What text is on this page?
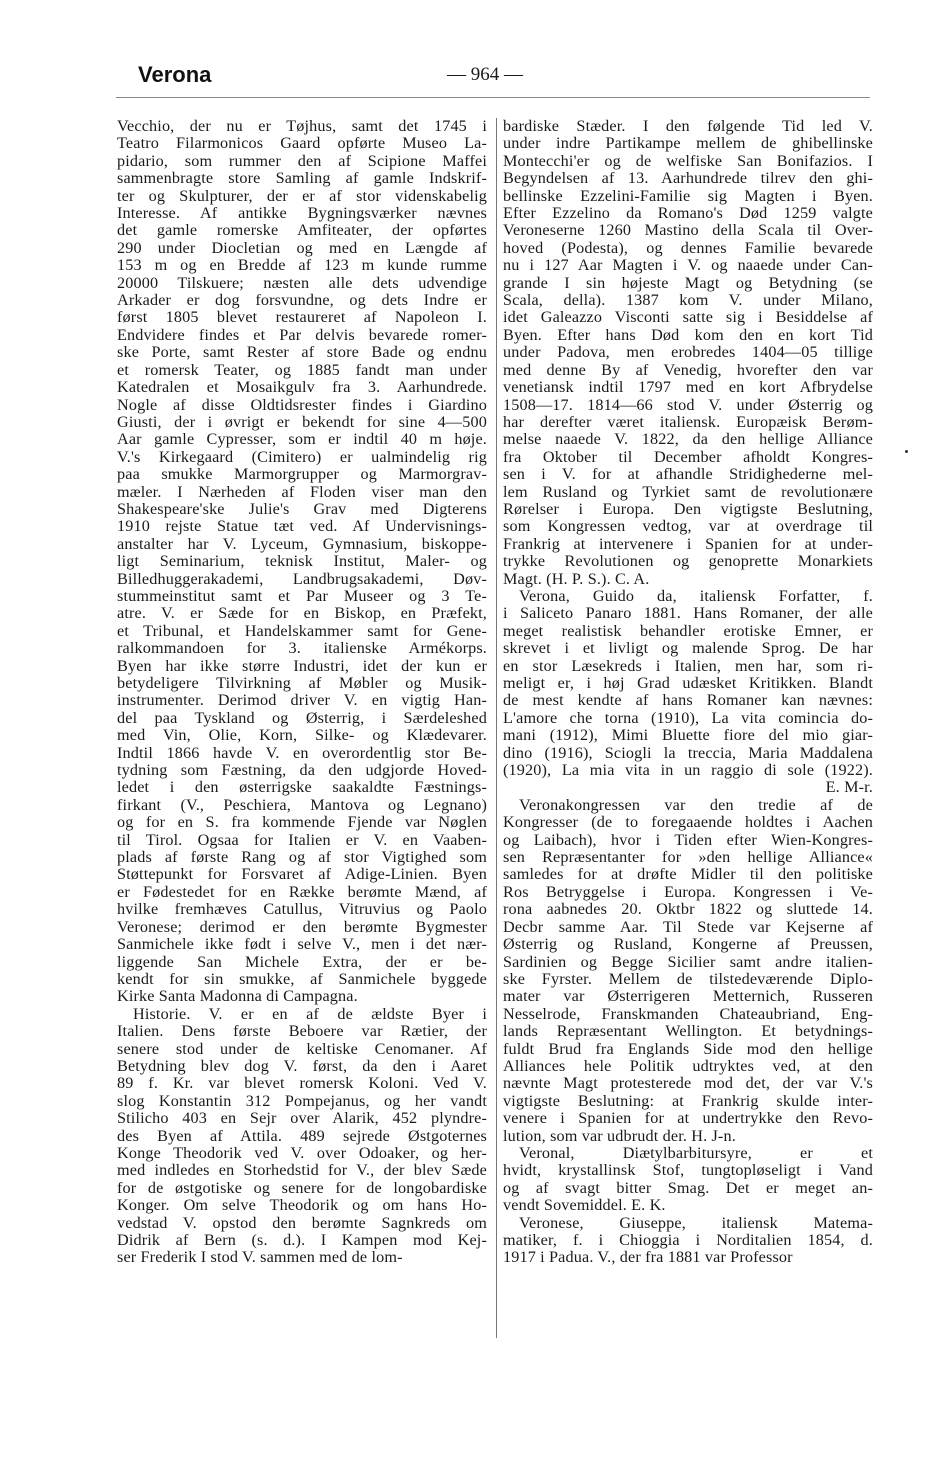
Verona	— 964 —
Vecchio, der nu er Tøjhus, samt det 1745 i
Teatro Filarmonicos Gaard opførte Museo La-
pidario, som rummer den af Scipione Maffei
sammenbragte store Samling af gamle Indskrif-
ter og Skulpturer, der er af stor videnskabelig
Interesse. Af antikke Bygningsværker nævnes
det gamle romerske Amfiteater, der opførtes
290 under Diocletian og med en Længde af
153 m og en Bredde af 123 m kunde rumme
20000 Tilskuere; næsten alle dets udvendige
Arkader er dog forsvundne, og dets Indre er
først 1805 blevet restaureret af Napoleon I.
Endvidere findes et Par delvis bevarede romer-
ske Porte, samt Rester af store Bade og endnu
et romersk Teater, og 1885 fandt man under
Katedralen et Mosaikgulv fra 3. Aarhundrede.
Nogle af disse Oldtidsrester findes i Giardino
Giusti, der i øvrigt er bekendt for sine 4—500
Aar gamle Cypresser, som er indtil 40 m høje.
V.'s Kirkegaard (Cimitero) er ualmindelig rig
paa smukke Marmorgrupper og Marmorgrav-
mæler. I Nærheden af Floden viser man den
Shakespeare'ske Julie's Grav med Digterens
1910 rejste Statue tæt ved. Af Undervisnings-
anstalter har V. Lyceum, Gymnasium, biskoppe-
ligt Seminarium, teknisk Institut, Maler- og
Billedhuggerakademi, Landbrugsakademi, Døv-
stummeinstitut samt et Par Museer og 3 Te-
atre. V. er Sæde for en Biskop, en Præfekt,
et Tribunal, et Handelskammer samt for Gene-
ralkommandoen for 3. italienske Armékorps.
Byen har ikke større Industri, idet der kun er
betydeligere Tilvirkning af Møbler og Musik-
instrumenter. Derimod driver V. en vigtig Han-
del paa Tyskland og Østerrig, i Særdeleshed
med Vin, Olie, Korn, Silke- og Klædevarer.
Indtil 1866 havde V. en overordentlig stor Be-
tydning som Fæstning, da den udgjorde Hoved-
ledet i den østerrigske saakaldte Fæstnings-
firkant (V., Peschiera, Mantova og Legnano)
og for en S. fra kommende Fjende var Nøglen
til Tirol. Ogsaa for Italien er V. en Vaaben-
plads af første Rang og af stor Vigtighed som
Støttepunkt for Forsvaret af Adige-Linien. Byen
er Fødestedet for en Række berømte Mænd, af
hvilke fremhæves Catullus, Vitruvius og Paolo
Veronese; derimod er den berømte Bygmester
Sanmichele ikke født i selve V., men i det nær-
liggende San Michele Extra, der er be-
kendt for sin smukke, af Sanmichele byggede
Kirke Santa Madonna di Campagna.
Historie. V. er en af de ældste Byer i
Italien. Dens første Beboere var Rætier, der
senere stod under de keltiske Cenomaner. Af
Betydning blev dog V. først, da den i Aaret
89 f. Kr. var blevet romersk Koloni. Ved V.
slog Konstantin 312 Pompejanus, og her vandt
Stilicho 403 en Sejr over Alarik, 452 plyndre-
des Byen af Attila. 489 sejrede Østgoternes
Konge Theodorik ved V. over Odoaker, og her-
med indledes en Storhedstid for V., der blev Sæde
for de østgotiske og senere for de longobardiske
Konger. Om selve Theodorik og om hans Ho-
vedstad V. opstod den berømte Sagnkreds om
Didrik af Bern (s. d.). I Kampen mod Kej-
ser Frederik I stod V. sammen med de lom-
bardiske Stæder. I den følgende Tid led V.
under indre Partikampe mellem de ghibellinske
Montecchi'er og de welfiske San Bonifazios. I
Begyndelsen af 13. Aarhundrede tilrev den ghi-
bellinske Ezzelini-Familie sig Magten i Byen.
Efter Ezzelino da Romano's Død 1259 valgte
Veroneserne 1260 Mastino della Scala til Over-
hoved (Podesta), og dennes Familie bevarede
nu i 127 Aar Magten i V. og naaede under Can-
grande I sin højeste Magt og Betydning (se
Scala, della). 1387 kom V. under Milano,
idet Galeazzo Visconti satte sig i Besiddelse af
Byen. Efter hans Død kom den en kort Tid
under Padova, men erobredes 1404—05 tillige
med denne By af Venedig, hvorefter den var
venetiansk indtil 1797 med en kort Afbrydelse
1508—17. 1814—66 stod V. under Østerrig og
har derefter været italiensk. Europæisk Berøm-
melse naaede V. 1822, da den hellige Alliance
fra Oktober til December afholdt Kongres-
sen i V. for at afhandle Stridighederne mel-
lem Rusland og Tyrkiet samt de revolutionære
Rørelser i Europa. Den vigtigste Beslutning,
som Kongressen vedtog, var at overdrage til
Frankrig at intervenere i Spanien for at under-
trykke Revolutionen og genoprette Monarkiets
Magt. (H. P. S.). C. A.
Verona, Guido da, italiensk Forfatter, f.
i Saliceto Panaro 1881. Hans Romaner, der alle
meget realistisk behandler erotiske Emner, er
skrevet i et livligt og malende Sprog. De har
en stor Læsekreds i Italien, men har, som ri-
meligt er, i høj Grad udæsket Kritikken. Blandt
de mest kendte af hans Romaner kan nævnes:
L'amore che torna (1910), La vita comincia do-
mani (1912), Mimi Bluette fiore del mio giar-
dino (1916), Sciogli la treccia, Maria Maddalena
(1920), La mia vita in un raggio di sole (1922).
E. M-r.
Veronakongressen var den tredie af de
Kongresser (de to foregaaende holdtes i Aachen
og Laibach), hvor i Tiden efter Wien-Kongres-
sen Repræsentanter for »den hellige Alliance«
samledes for at drøfte Midler til den politiske
Ros Betryggelse i Europa. Kongressen i Ve-
rona aabnedes 20. Oktbr 1822 og sluttede 14.
Decbr samme Aar. Til Stede var Kejserne af
Østerrig og Rusland, Kongerne af Preussen,
Sardinien og Begge Sicilier samt andre italien-
ske Fyrster. Mellem de tilstedeværende Diplo-
mater var Østerrigeren Metternich, Russeren
Nesselrode, Franskmanden Chateaubriand, Eng-
lands Repræsentant Wellington. Et betydnings-
fuldt Brud fra Englands Side mod den hellige
Alliances hele Politik udtryktes ved, at den
nævnte Magt protesterede mod det, der var V.'s
vigtigste Beslutning: at Frankrig skulde inter-
venere i Spanien for at undertrykke den Revo-
lution, som var udbrudt der. H. J-n.
Veronal, Diætylbarbitursyre, er et
hvidt, krystallinsk Stof, tungtopløseligt i Vand
og af svagt bitter Smag. Det er meget an-
vendt Sovemiddel. E. K.
Veronese, Giuseppe, italiensk Matema-
matiker, f. i Chioggia i Norditalien 1854, d.
1917 i Padua. V., der fra 1881 var Professor
